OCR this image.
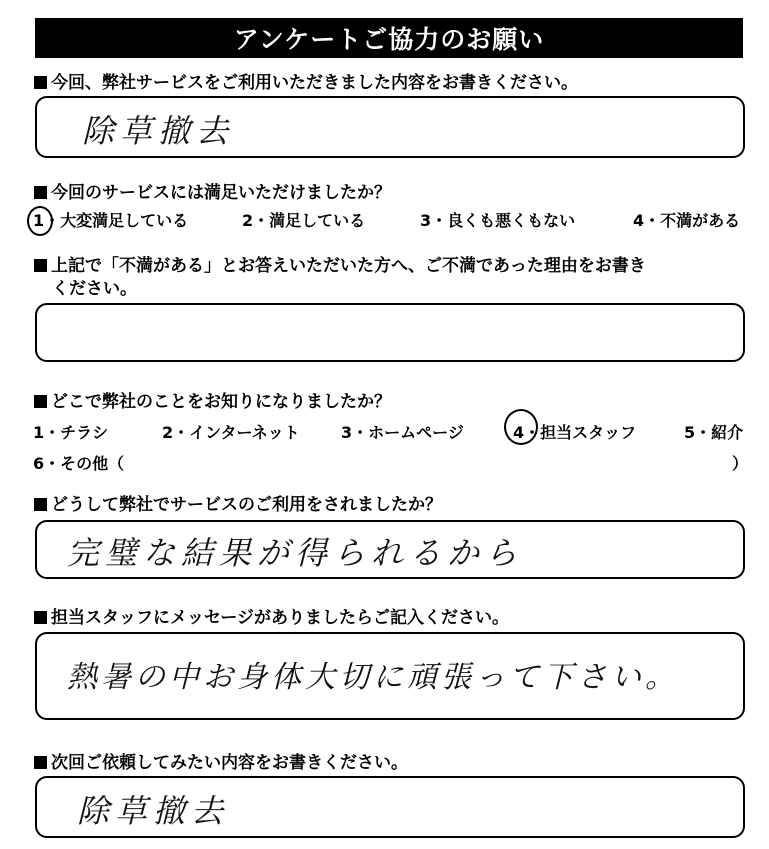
アンケートご協力のお願い
今回、弊社サービスをご利用いただきました内容をお書きください。
除草撤去
今回のサービスには満足いただけましたか？
1・大変満足している	2・満足している	3・良くも悪くもない	4・不満がある
上記で「不満がある」とお答えいただいた方へ、ご不満であった理由をお書き
ください。
どこで弊社のことをお知りになりましたか？
1・チラシ	2・インターネット	3・ホームページ	4・担当スタッフ	5・紹介
6・その他（	）
どうして弊社でサービスのご利用をされましたか？
完璧な結果が得られるから
担当スタッフにメッセージがありましたらご記入ください。
熱暑の中お身体大切に頑張って下さい。
次回ご依頼してみたい内容をお書きください。
除草撤去
